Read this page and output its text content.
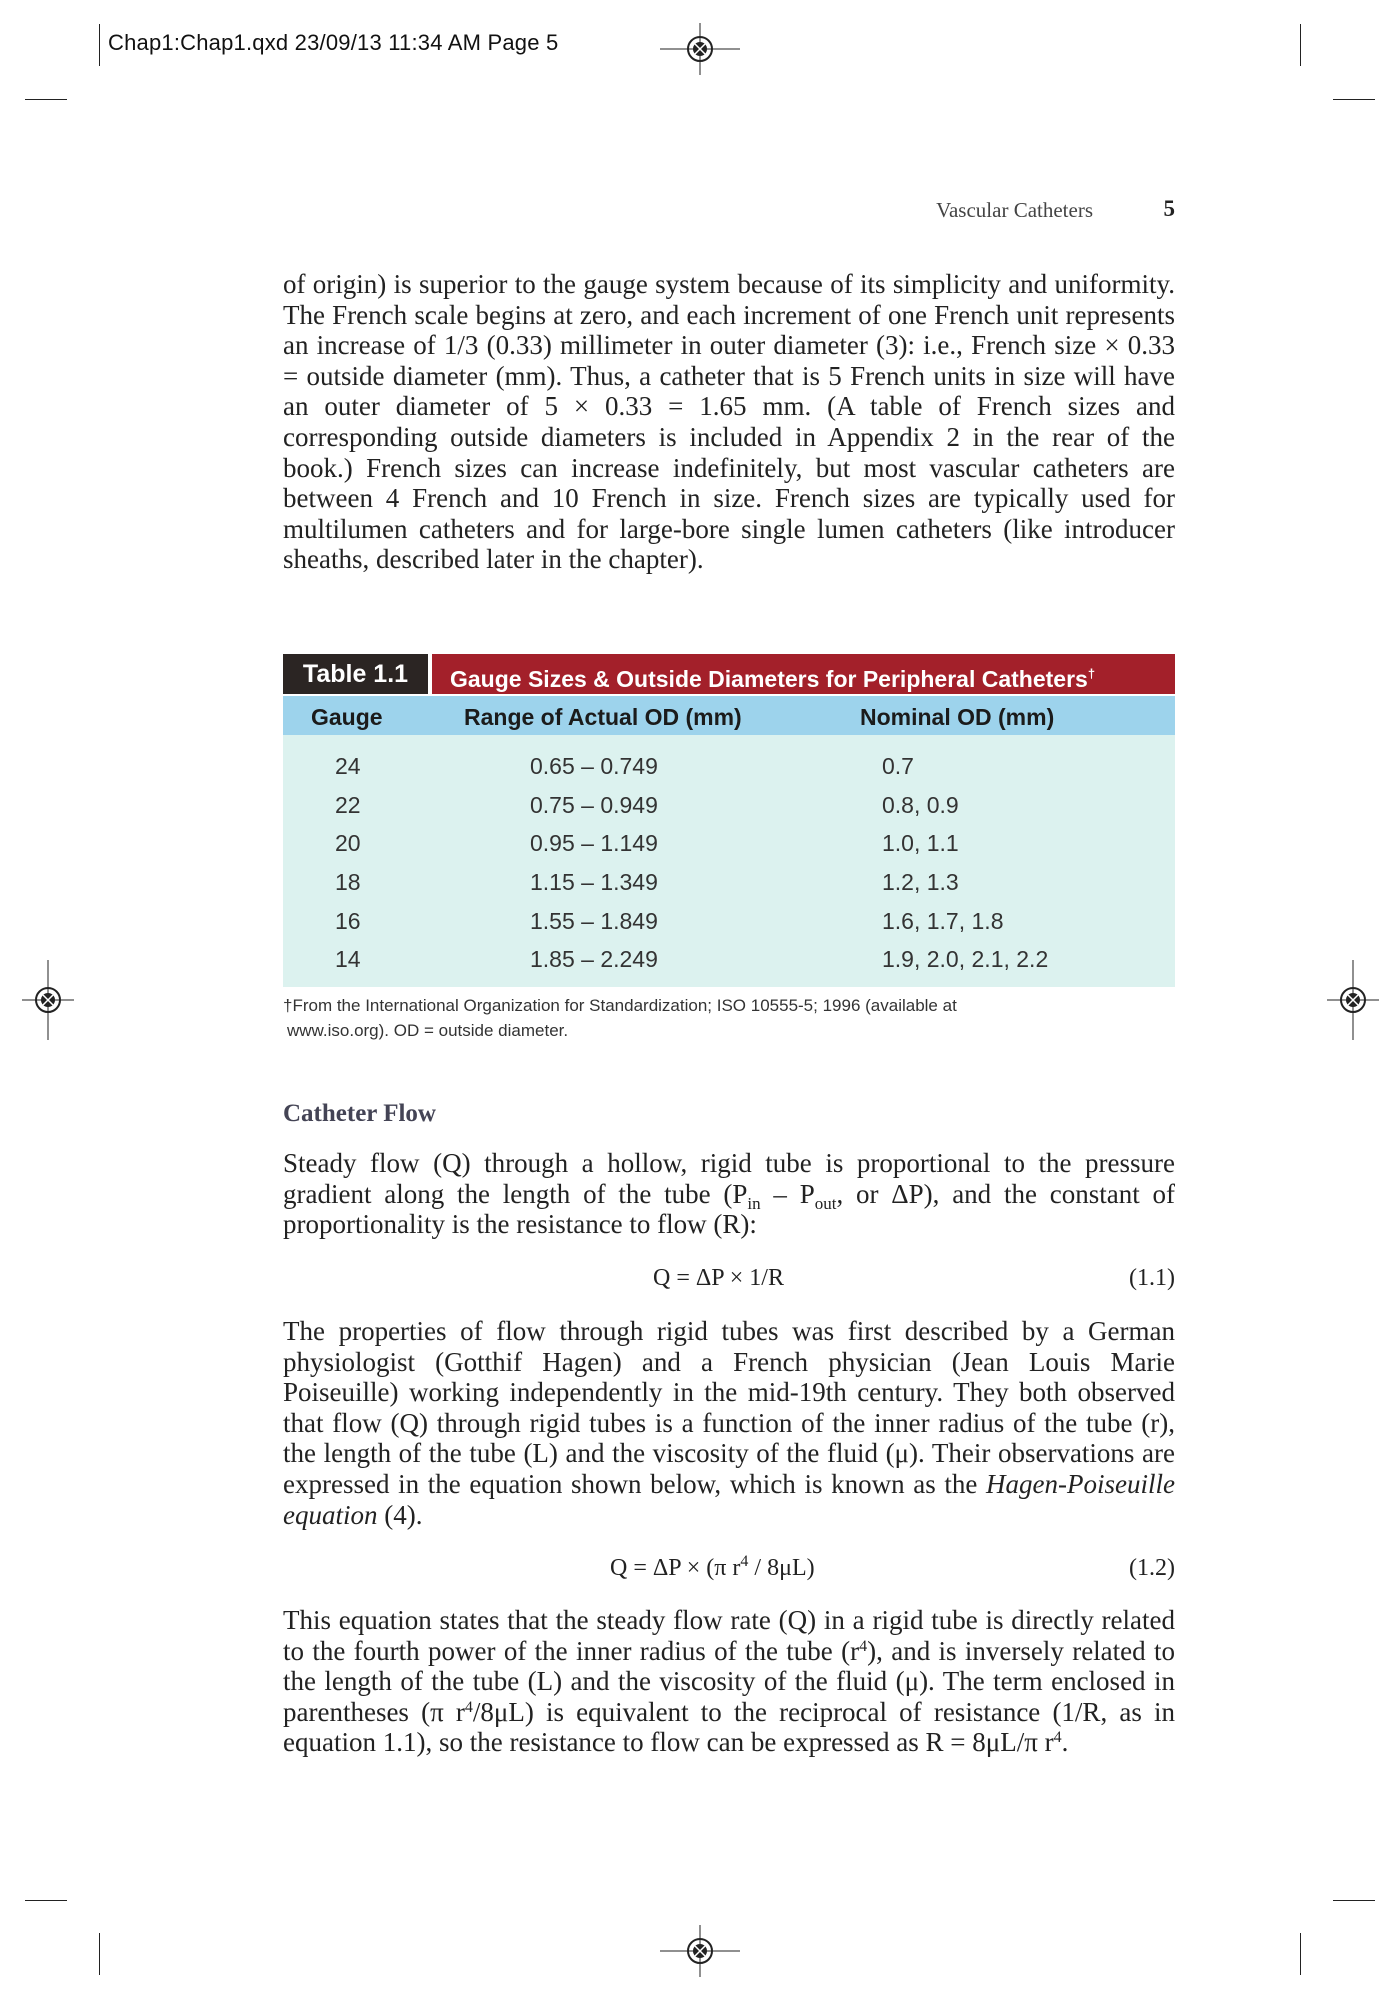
Chap1:Chap1.qxd 23/09/13 11:34 AM Page 5
Vascular Catheters	5

of origin) is superior to the gauge system because of its simplicity and uniformity. The French scale begins at zero, and each increment of one French unit represents an increase of 1/3 (0.33) millimeter in outer diameter (3): i.e., French size × 0.33 = outside diameter (mm). Thus, a catheter that is 5 French units in size will have an outer diameter of 5 × 0.33 = 1.65 mm. (A table of French sizes and corresponding outside diameters is included in Appendix 2 in the rear of the book.) French sizes can increase indefinitely, but most vascular catheters are between 4 French and 10 French in size. French sizes are typically used for multilumen catheters and for large-bore single lumen catheters (like introducer sheaths, described later in the chapter).

Table 1.1	Gauge Sizes & Outside Diameters for Peripheral Catheters†
Gauge	Range of Actual OD (mm)	Nominal OD (mm)
24	0.65 – 0.749	0.7
22	0.75 – 0.949	0.8, 0.9
20	0.95 – 1.149	1.0, 1.1
18	1.15 – 1.349	1.2, 1.3
16	1.55 – 1.849	1.6, 1.7, 1.8
14	1.85 – 2.249	1.9, 2.0, 2.1, 2.2
†From the International Organization for Standardization; ISO 10555-5; 1996 (available at
www.iso.org). OD = outside diameter.
Catheter Flow

Steady flow (Q) through a hollow, rigid tube is proportional to the pressure gradient along the length of the tube ($P_{in} - P_{out}$, or ΔP), and the constant of proportionality is the resistance to flow (R):

Q = ΔP × 1/R	(1.1)

The properties of flow through rigid tubes was first described by a German physiologist (Gotthif Hagen) and a French physician (Jean Louis Marie Poiseuille) working independently in the mid-19th century. They both observed that flow (Q) through rigid tubes is a function of the inner radius of the tube (r), the length of the tube (L) and the viscosity of the fluid (μ). Their observations are expressed in the equation shown below, which is known as the Hagen-Poiseuille equation (4).

Q = ΔP × (π $r^4 / 8\mu L$)	(1.2)

This equation states that the steady flow rate (Q) in a rigid tube is directly related to the fourth power of the inner radius of the tube $(r^4)$, and is inversely related to the length of the tube (L) and the viscosity of the fluid (μ). The term enclosed in parentheses (π $r^4/8\mu L$) is equivalent to the reciprocal of resistance (1/R, as in equation 1.1), so the resistance to flow can be expressed as R = 8μL/π $r^4$.
